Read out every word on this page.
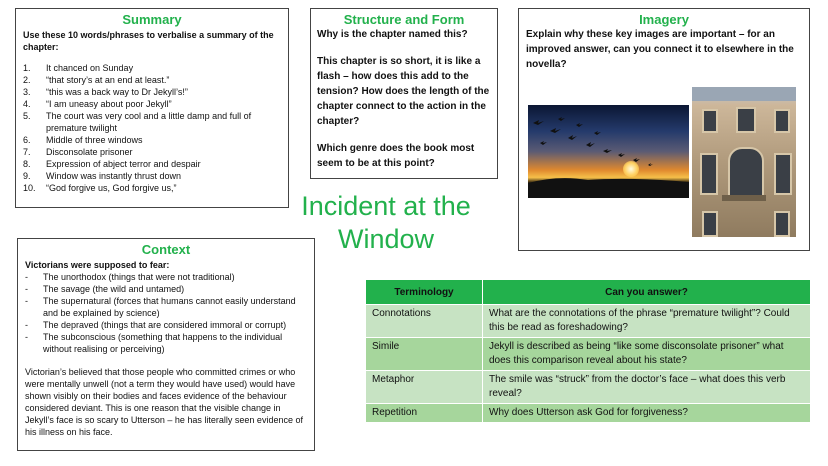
Summary
Use these 10 words/phrases to verbalise a summary of the chapter:
1.	It chanced on Sunday
2.	“that story’s at an end at least.”
3.	“this was a back way to Dr Jekyll’s!”
4.	“I am uneasy about poor Jekyll”
5.	The court was very cool and a little damp and full of premature twilight
6.	Middle of three windows
7.	Disconsolate prisoner
8.	Expression of abject terror and despair
9.	Window was instantly thrust down
10.	“God forgive us, God forgive us,”
Structure and Form

Why is the chapter named this?

This chapter is so short, it is like a flash – how does this add to the tension? How does the length of the chapter connect to the action in the chapter?

Which genre does the book most seem to be at this point?

Imagery

Explain why these key images are important – for an improved answer, can you connect it to elsewhere in the novella?

Incident at the
Window
Context
Victorians were supposed to fear:
-	The unorthodox (things that were not traditional)
-	The savage (the wild and untamed)
-	The supernatural (forces that humans cannot easily understand and be explained by science)
-	The depraved (things that are considered immoral or corrupt)
-	The subconscious (something that happens to the individual without realising or perceiving)
Victorian’s believed that those people who committed crimes or who were mentally unwell (not a term they would have used) would have shown visibly on their bodies and faces evidence of the behaviour considered deviant. This is one reason that the visible change in Jekyll’s face is so scary to Utterson – he has literally seen evidence of his illness on his face.
Terminology	Can you answer?
Connotations	What are the connotations of the phrase “premature twilight”? Could this be read as foreshadowing?
Simile	Jekyll is described as being “like some disconsolate prisoner” what does this comparison reveal about his state?
Metaphor	The smile was “struck” from the doctor’s face – what does this verb reveal?
Repetition	Why does Utterson ask God for forgiveness?
